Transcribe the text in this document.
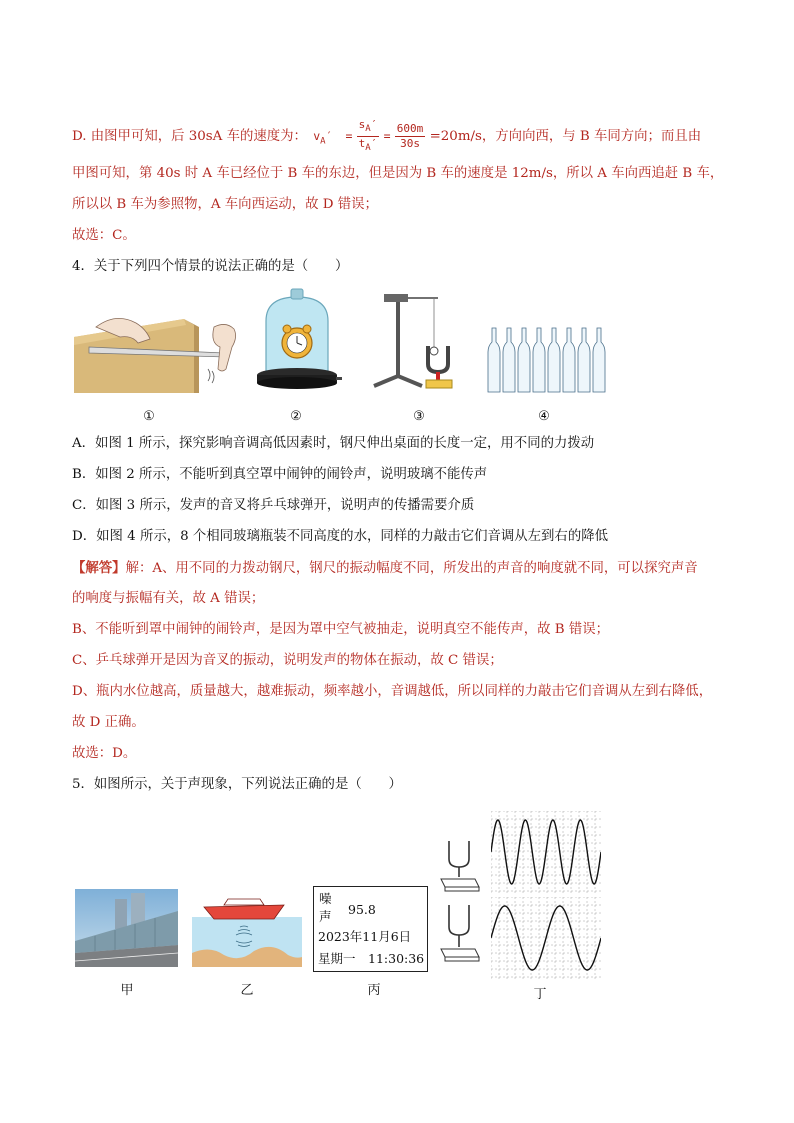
D. 由图甲可知，后 30sA 车的速度为： $v_A' = \frac{s_A'}{t_A'} = \frac{600m}{30s} =20m/s$，方向向西，与 B 车同方向；而且由
甲图可知，第 40s 时 A 车已经位于 B 车的东边，但是因为 B 车的速度是 12m/s，所以 A 车向西追赶 B 车，
所以以 B 车为参照物，A 车向西运动，故 D 错误；
故选：C。
4．关于下列四个情景的说法正确的是（　　）
①	②	③	④
A．如图 1 所示，探究影响音调高低因素时，钢尺伸出桌面的长度一定，用不同的力拨动
B．如图 2 所示，不能听到真空罩中闹钟的闹铃声，说明玻璃不能传声
C．如图 3 所示，发声的音叉将乒乓球弹开，说明声的传播需要介质
D．如图 4 所示，8 个相同玻璃瓶装不同高度的水，同样的力敲击它们音调从左到右的降低
【解答】解：A、用不同的力拨动钢尺，钢尺的振动幅度不同，所发出的声音的响度就不同，可以探究声音
的响度与振幅有关，故 A 错误；
B、不能听到罩中闹钟的闹铃声，是因为罩中空气被抽走，说明真空不能传声，故 B 错误；
C、乒乓球弹开是因为音叉的振动，说明发声的物体在振动，故 C 错误；
D、瓶内水位越高，质量越大，越难振动，频率越小，音调越低，所以同样的力敲击它们音调从左到右降低，
故 D 正确。
故选：D。
5．如图所示，关于声现象，下列说法正确的是（　　）
甲	乙
噪
声 95.8
2023年11月6日
星期一　11:30:36
丙	丁
